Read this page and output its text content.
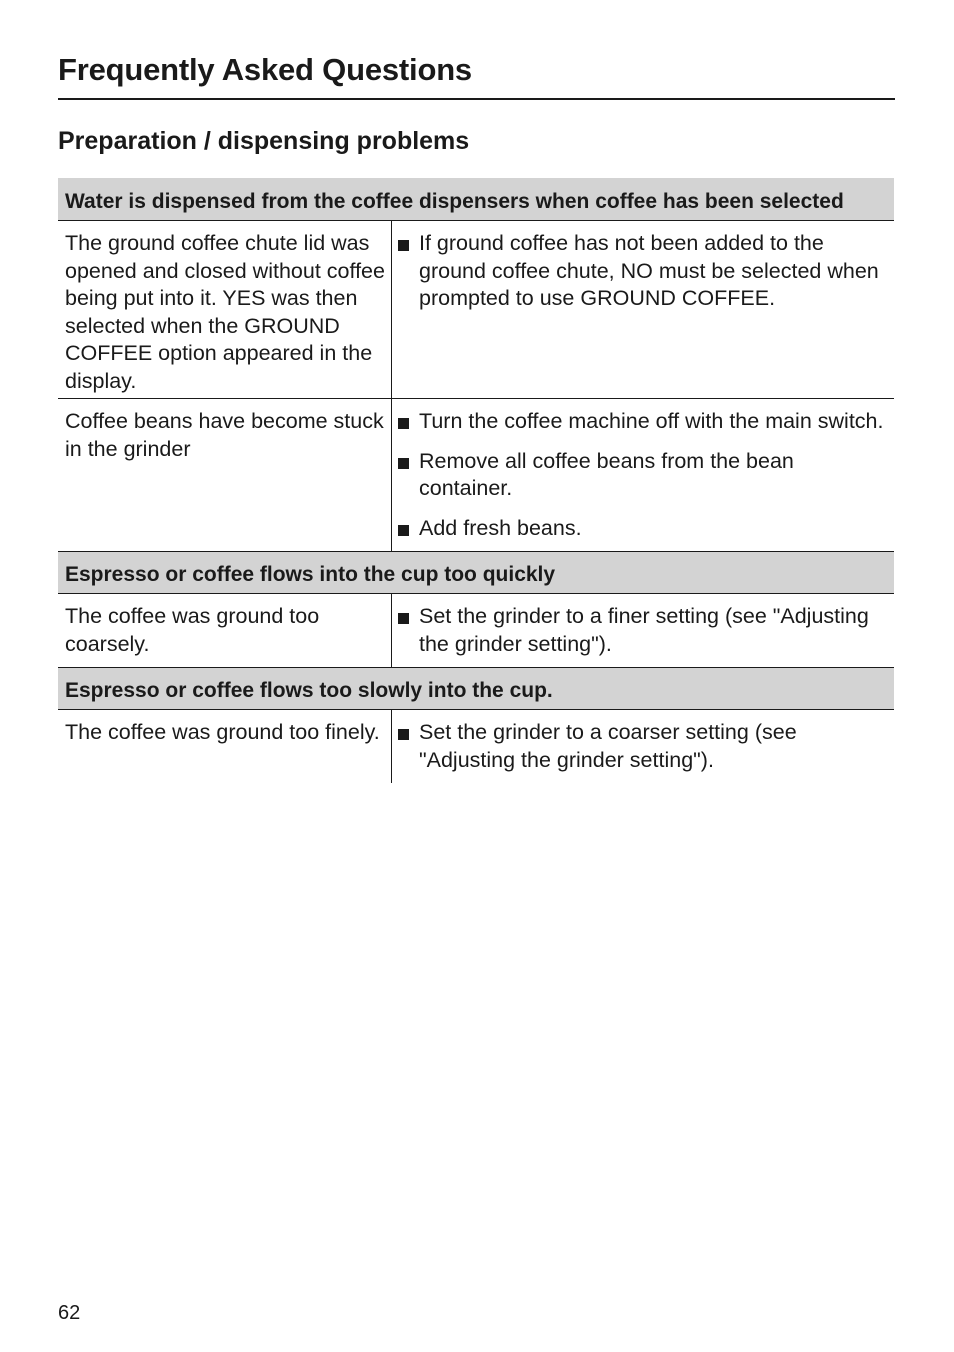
Frequently Asked Questions
Preparation / dispensing problems
Water is dispensed from the coffee dispensers when coffee has been selected
The ground coffee chute lid was opened and closed without coffee being put into it. YES was then selected when the GROUND COFFEE option appeared in the display.
If ground coffee has not been added to the ground coffee chute, NO must be selected when prompted to use GROUND COFFEE.
Coffee beans have become stuck in the grinder
Turn the coffee machine off with the main switch.
Remove all coffee beans from the bean container.
Add fresh beans.
Espresso or coffee flows into the cup too quickly
The coffee was ground too coarsely.
Set the grinder to a finer setting (see "Adjusting the grinder setting").
Espresso or coffee flows too slowly into the cup.
The coffee was ground too finely.	Set the grinder to a coarser setting (see "Adjusting the grinder setting").
62
